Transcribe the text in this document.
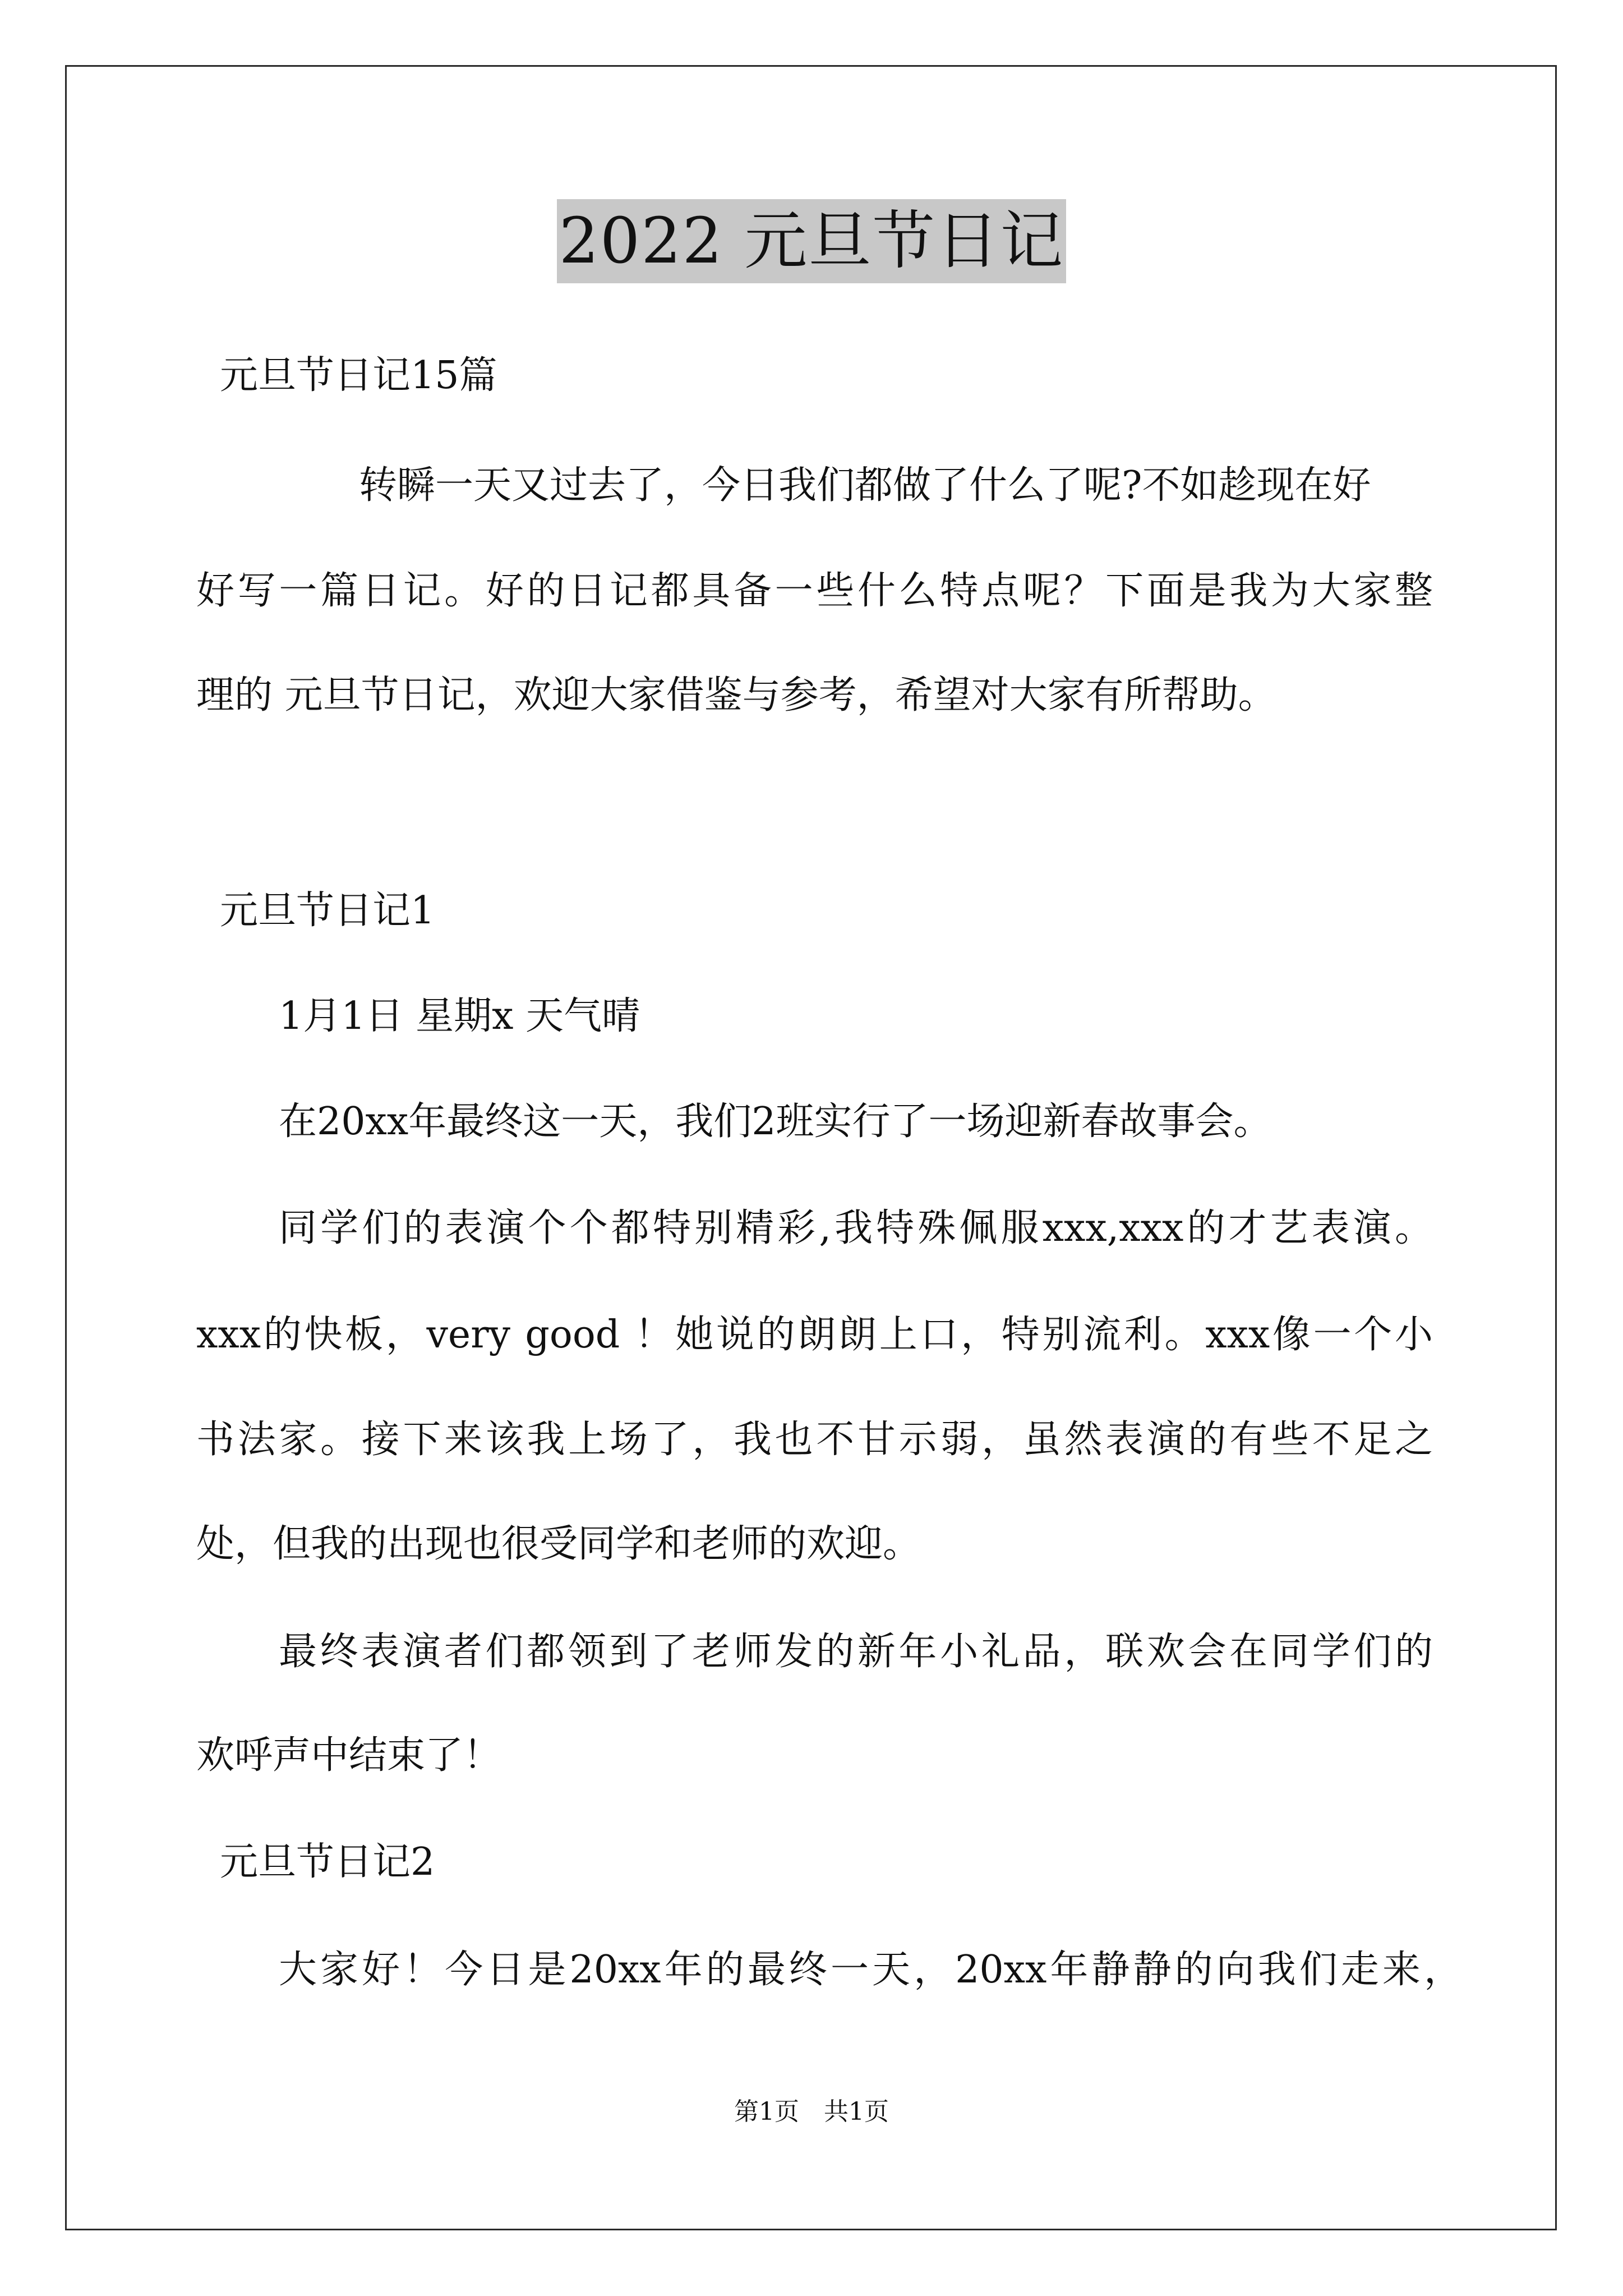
2022 元旦节日记
元旦节日记15篇
转瞬一天又过去了，今日我们都做了什么了呢?不如趁现在好
好写一篇日记。好的日记都具备一些什么特点呢？下面是我为大家整
理的 元旦节日记，欢迎大家借鉴与参考，希望对大家有所帮助。
元旦节日记1
1月1日 星期x 天气晴
在20xx年最终这一天，我们2班实行了一场迎新春故事会。
同学们的表演个个都特别精彩,我特殊佩服xxx,xxx的才艺表演。
xxx的快板，very good ！她说的朗朗上口，特别流利。xxx像一个小
书法家。接下来该我上场了，我也不甘示弱，虽然表演的有些不足之
处，但我的出现也很受同学和老师的欢迎。
最终表演者们都领到了老师发的新年小礼品，联欢会在同学们的
欢呼声中结束了！
元旦节日记2
大家好！今日是20xx年的最终一天，20xx年静静的向我们走来，
第1页　共1页
